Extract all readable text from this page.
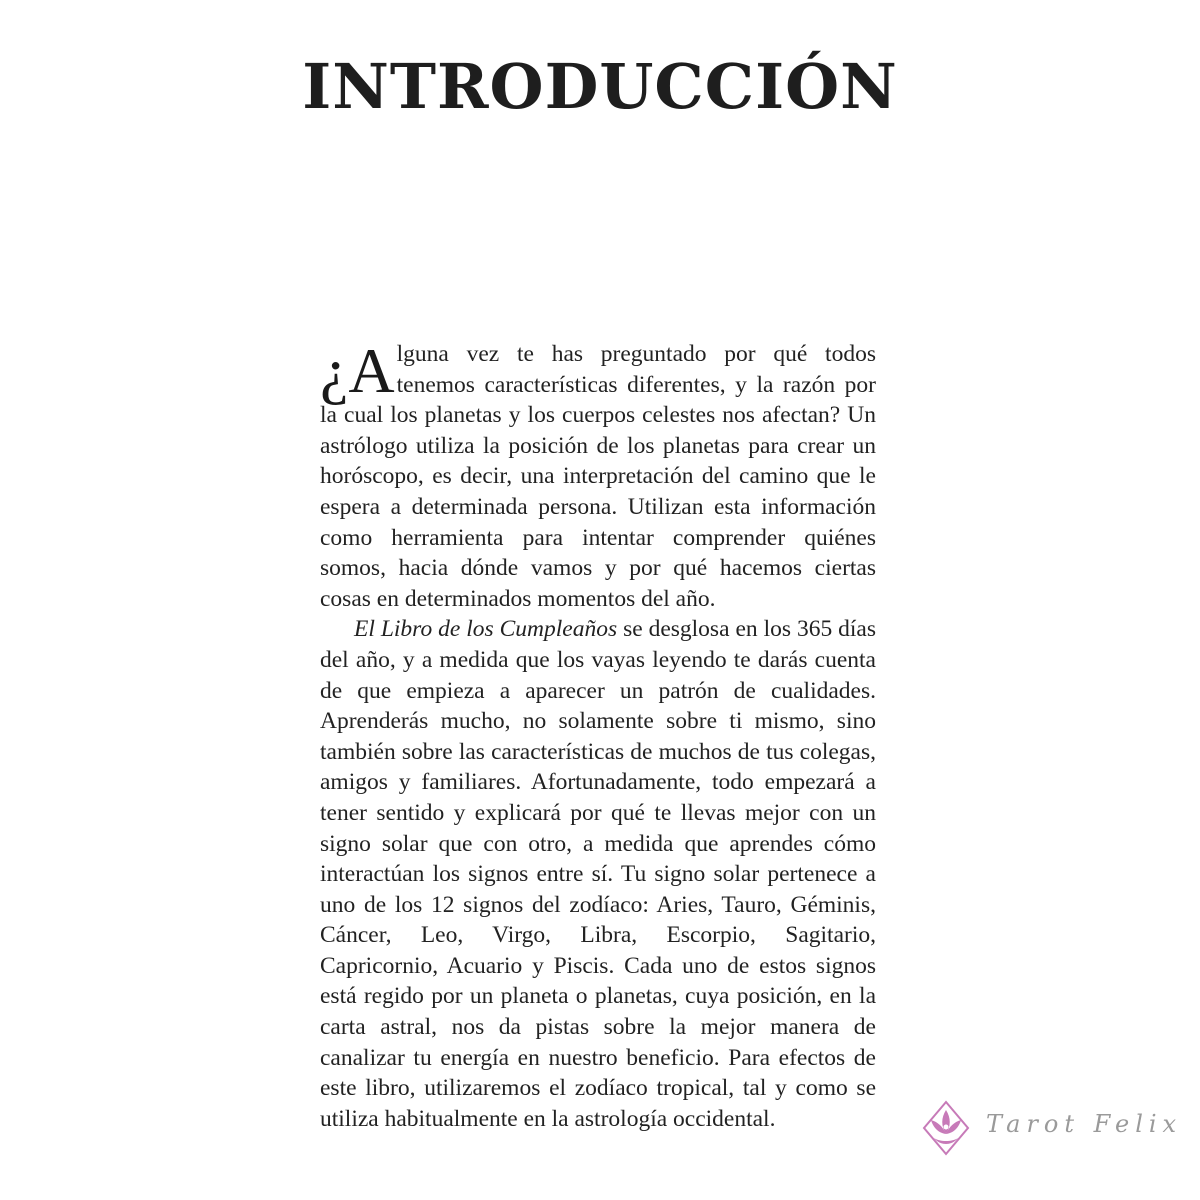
INTRODUCCIÓN

¿A lguna vez te has preguntado por qué todos tenemos características diferentes, y la razón por la cual los planetas y los cuerpos celestes nos afectan? Un astrólogo utiliza la posición de los planetas para crear un horóscopo, es decir, una interpretación del camino que le espera a determinada persona. Utilizan esta información como herramienta para intentar comprender quiénes somos, hacia dónde vamos y por qué hacemos ciertas cosas en determinados momentos del año.

El Libro de los Cumpleaños se desglosa en los 365 días del año, y a medida que los vayas leyendo te darás cuenta de que empieza a aparecer un patrón de cualidades. Aprenderás mucho, no solamente sobre ti mismo, sino también sobre las características de muchos de tus colegas, amigos y familiares. Afortunadamente, todo empezará a tener sentido y explicará por qué te llevas mejor con un signo solar que con otro, a medida que aprendes cómo interactúan los signos entre sí. Tu signo solar pertenece a uno de los 12 signos del zodíaco: Aries, Tauro, Géminis, Cáncer, Leo, Virgo, Libra, Escorpio, Sagitario, Capricornio, Acuario y Piscis. Cada uno de estos signos está regido por un planeta o planetas, cuya posición, en la carta astral, nos da pistas sobre la mejor manera de canalizar tu energía en nuestro beneficio. Para efectos de este libro, utilizaremos el zodíaco tropical, tal y como se utiliza habitualmente en la astrología occidental.	Tarot Felix
